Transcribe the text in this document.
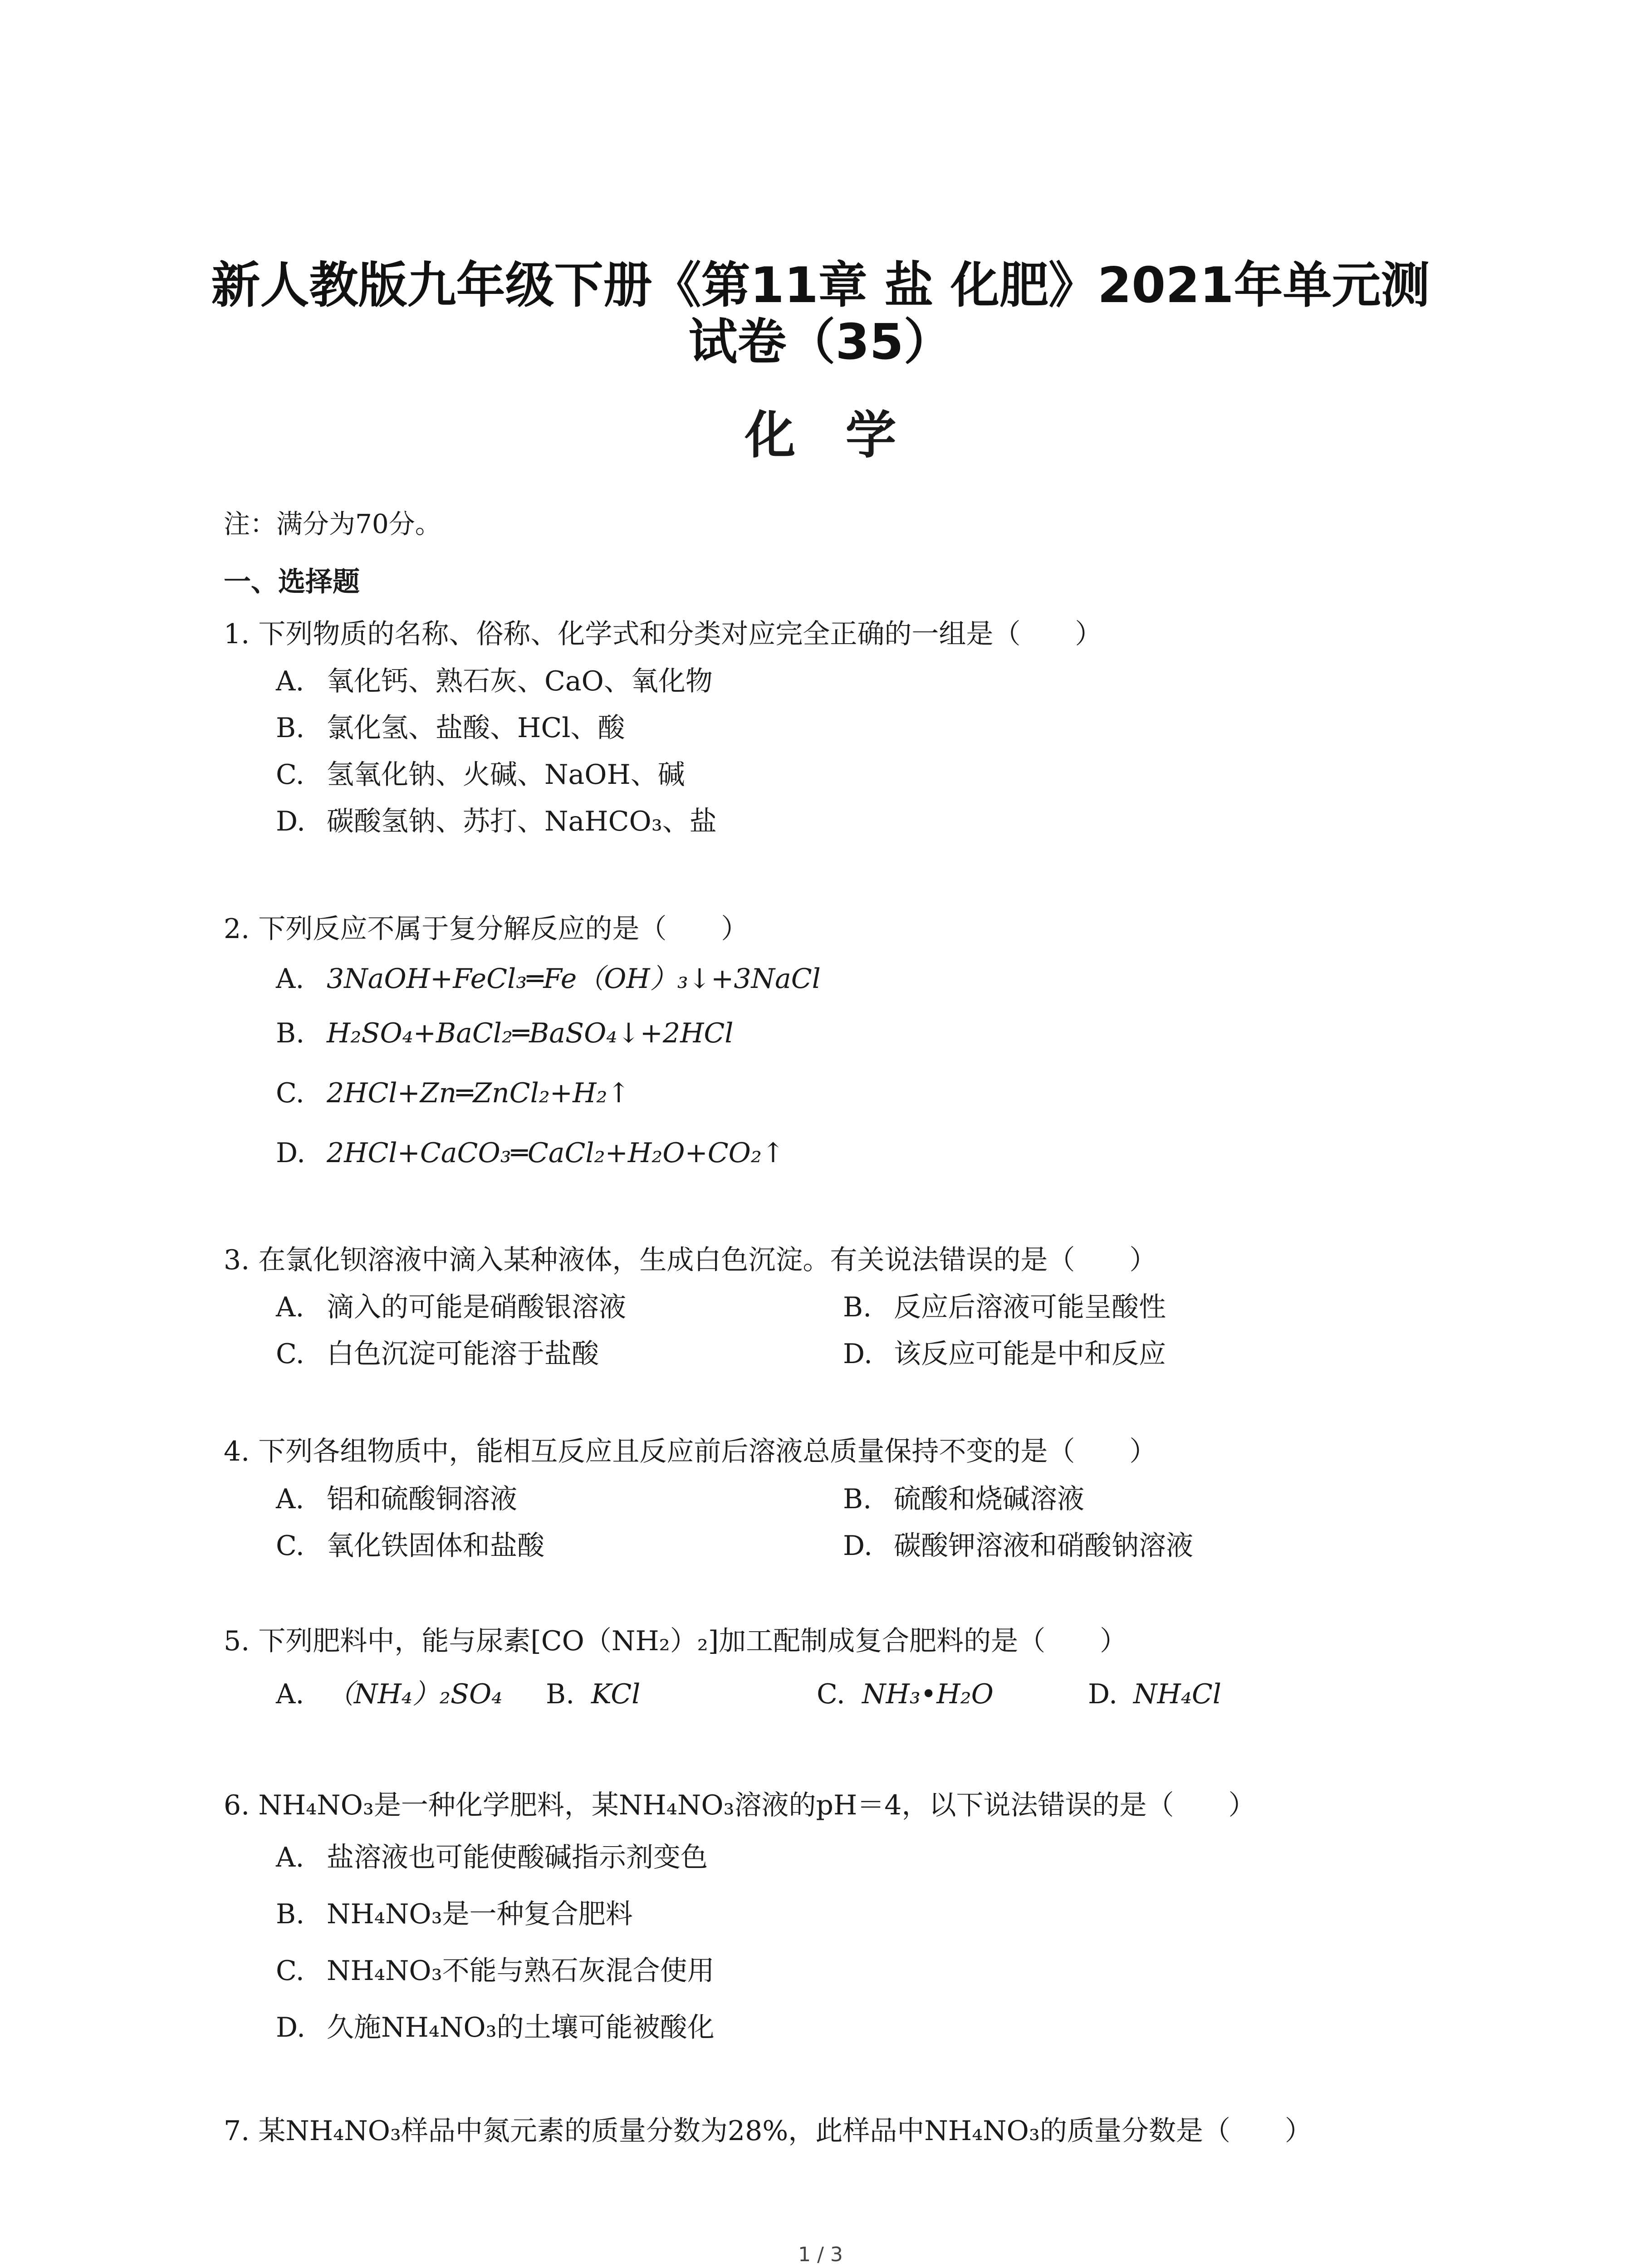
新人教版九年级下册《第11章 盐 化肥》2021年单元测
试卷（35）
化学
注：满分为70分。
一、选择题
1. 下列物质的名称、俗称、化学式和分类对应完全正确的一组是（　　）
A. 氧化钙、熟石灰、CaO、氧化物
B. 氯化氢、盐酸、HCl、酸
C. 氢氧化钠、火碱、NaOH、碱
D. 碳酸氢钠、苏打、NaHCO₃、盐
2. 下列反应不属于复分解反应的是（　　）
A. 3NaOH+FeCl₃═Fe（OH）₃↓+3NaCl
B. H₂SO₄+BaCl₂═BaSO₄↓+2HCl
C. 2HCl+Zn═ZnCl₂+H₂↑
D. 2HCl+CaCO₃═CaCl₂+H₂O+CO₂↑
3. 在氯化钡溶液中滴入某种液体，生成白色沉淀。有关说法错误的是（　　）
A. 滴入的可能是硝酸银溶液	B. 反应后溶液可能呈酸性
C. 白色沉淀可能溶于盐酸	D. 该反应可能是中和反应
4. 下列各组物质中，能相互反应且反应前后溶液总质量保持不变的是（　　）
A. 铝和硫酸铜溶液	B. 硫酸和烧碱溶液
C. 氧化铁固体和盐酸	D. 碳酸钾溶液和硝酸钠溶液
5. 下列肥料中，能与尿素[CO（NH₂）₂]加工配制成复合肥料的是（　　）
A. （NH₄）₂SO₄ B. KCl	C. NH₃•H₂O	D. NH₄Cl
6. NH₄NO₃是一种化学肥料，某NH₄NO₃溶液的pH＝4，以下说法错误的是（　　）
A. 盐溶液也可能使酸碱指示剂变色
B. NH₄NO₃是一种复合肥料
C. NH₄NO₃不能与熟石灰混合使用
D. 久施NH₄NO₃的土壤可能被酸化
7. 某NH₄NO₃样品中氮元素的质量分数为28%，此样品中NH₄NO₃的质量分数是（　　）
1 / 3
